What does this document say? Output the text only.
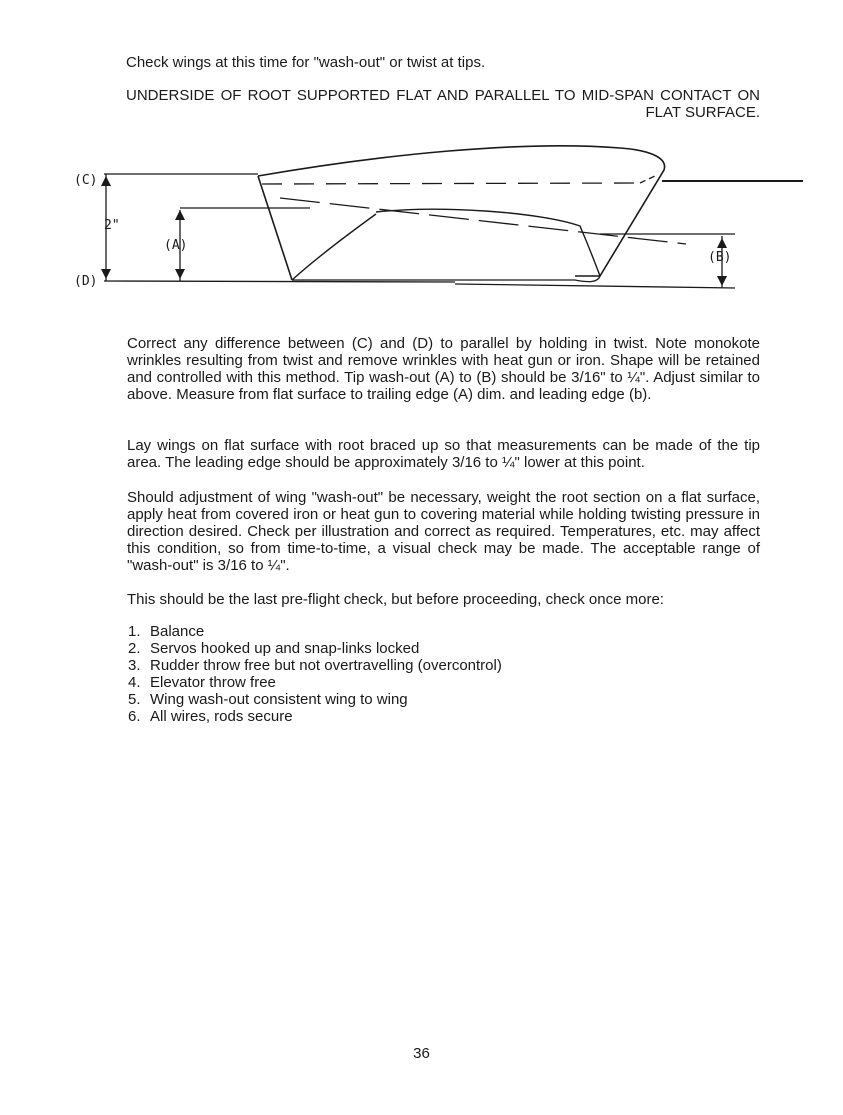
Check wings at this time for "wash-out" or twist at tips.
UNDERSIDE OF ROOT SUPPORTED FLAT AND PARALLEL TO MID-SPAN CONTACT ON FLAT SURFACE.
(C)
2"
(A)
(B)
(D)
Correct any difference between (C) and (D) to parallel by holding in twist. Note monokote wrinkles resulting from twist and remove wrinkles with heat gun or iron. Shape will be retained and controlled with this method. Tip wash-out (A) to (B) should be 3/16" to ¼". Adjust similar to above. Measure from flat surface to trailing edge (A) dim. and leading edge (b).
Lay wings on flat surface with root braced up so that measurements can be made of the tip area. The leading edge should be approximately 3/16 to ¼" lower at this point.
Should adjustment of wing "wash-out" be necessary, weight the root section on a flat surface, apply heat from covered iron or heat gun to covering material while holding twisting pressure in direction desired. Check per illustration and correct as required. Temperatures, etc. may affect this condition, so from time-to-time, a visual check may be made. The acceptable range of "wash-out" is 3/16 to ¼".
This should be the last pre-flight check, but before proceeding, check once more:
1. Balance
2. Servos hooked up and snap-links locked
3. Rudder throw free but not overtravelling (overcontrol)
4. Elevator throw free
5. Wing wash-out consistent wing to wing
6. All wires, rods secure
36
